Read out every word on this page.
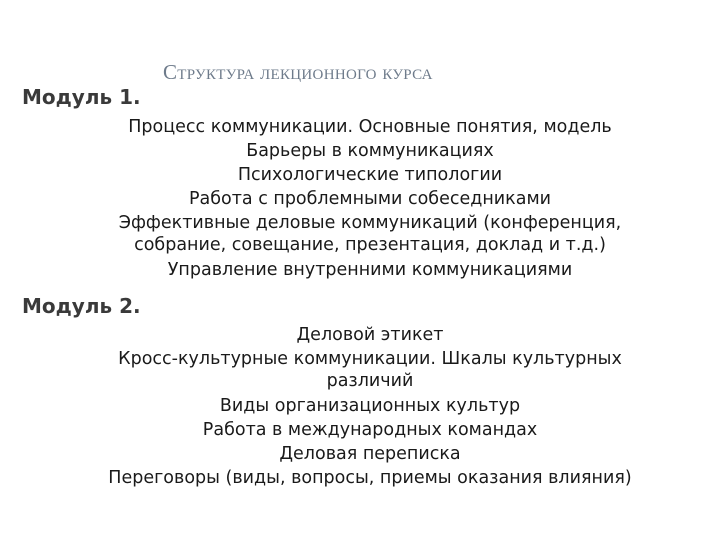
Структура лекционного курса
Модуль 1.
Процесс коммуникации. Основные понятия, модель
Барьеры в коммуникациях
Психологические типологии
Работа с проблемными собеседниками
Эффективные деловые коммуникаций (конференция, собрание, совещание, презентация, доклад и т.д.)
Управление внутренними коммуникациями
Модуль 2.
Деловой этикет
Кросс-культурные коммуникации. Шкалы культурных различий
Виды организационных культур
Работа в международных командах
Деловая переписка
Переговоры (виды, вопросы, приемы оказания влияния)
